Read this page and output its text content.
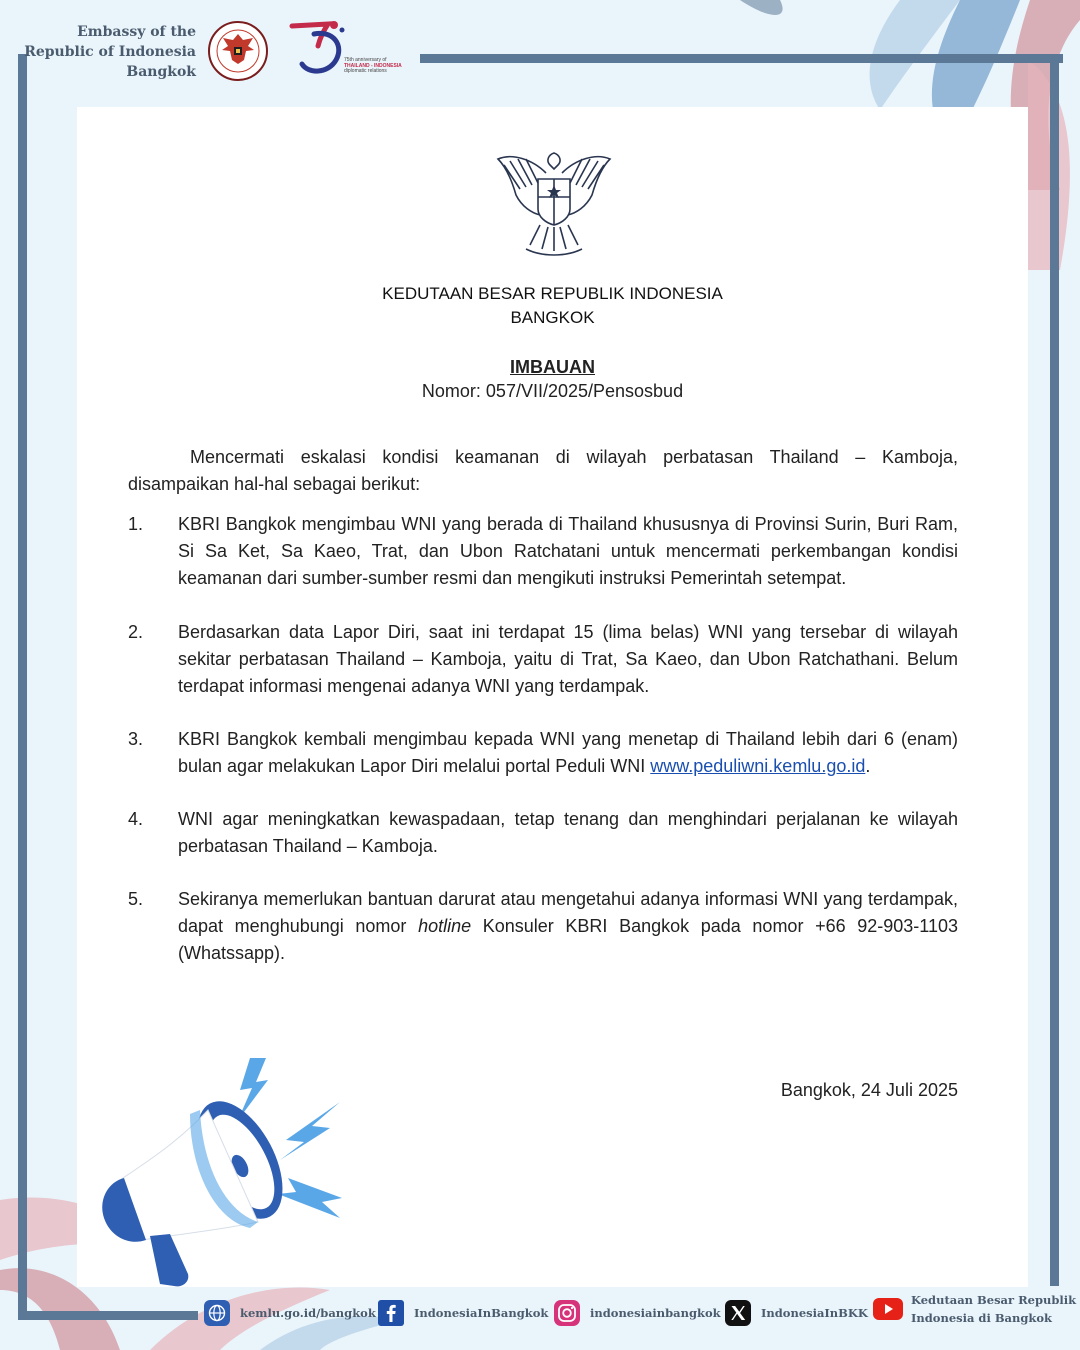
Embassy of the
Republic of Indonesia
Bangkok
75th anniversary of
THAILAND - INDONESIA
diplomatic relations
KEDUTAAN BESAR REPUBLIK INDONESIA
BANGKOK
IMBAUAN
Nomor: 057/VII/2025/Pensosbud
Mencermati eskalasi kondisi keamanan di wilayah perbatasan Thailand – Kamboja, disampaikan hal-hal sebagai berikut:
1. KBRI Bangkok mengimbau WNI yang berada di Thailand khususnya di Provinsi Surin, Buri Ram, Si Sa Ket, Sa Kaeo, Trat, dan Ubon Ratchatani untuk mencermati perkembangan kondisi keamanan dari sumber-sumber resmi dan mengikuti instruksi Pemerintah setempat.
2. Berdasarkan data Lapor Diri, saat ini terdapat 15 (lima belas) WNI yang tersebar di wilayah sekitar perbatasan Thailand – Kamboja, yaitu di Trat, Sa Kaeo, dan Ubon Ratchathani. Belum terdapat informasi mengenai adanya WNI yang terdampak.
3. KBRI Bangkok kembali mengimbau kepada WNI yang menetap di Thailand lebih dari 6 (enam) bulan agar melakukan Lapor Diri melalui portal Peduli WNI www.peduliwni.kemlu.go.id.
4. WNI agar meningkatkan kewaspadaan, tetap tenang dan menghindari perjalanan ke wilayah perbatasan Thailand – Kamboja.
5. Sekiranya memerlukan bantuan darurat atau mengetahui adanya informasi WNI yang terdampak, dapat menghubungi nomor hotline Konsuler KBRI Bangkok pada nomor +66 92-903-1103 (Whatssapp).
Bangkok, 24 Juli 2025
kemlu.go.id/bangkok	IndonesiaInBangkok	indonesiainbangkok	IndonesiaInBKK
Kedutaan Besar Republik
Indonesia di Bangkok
